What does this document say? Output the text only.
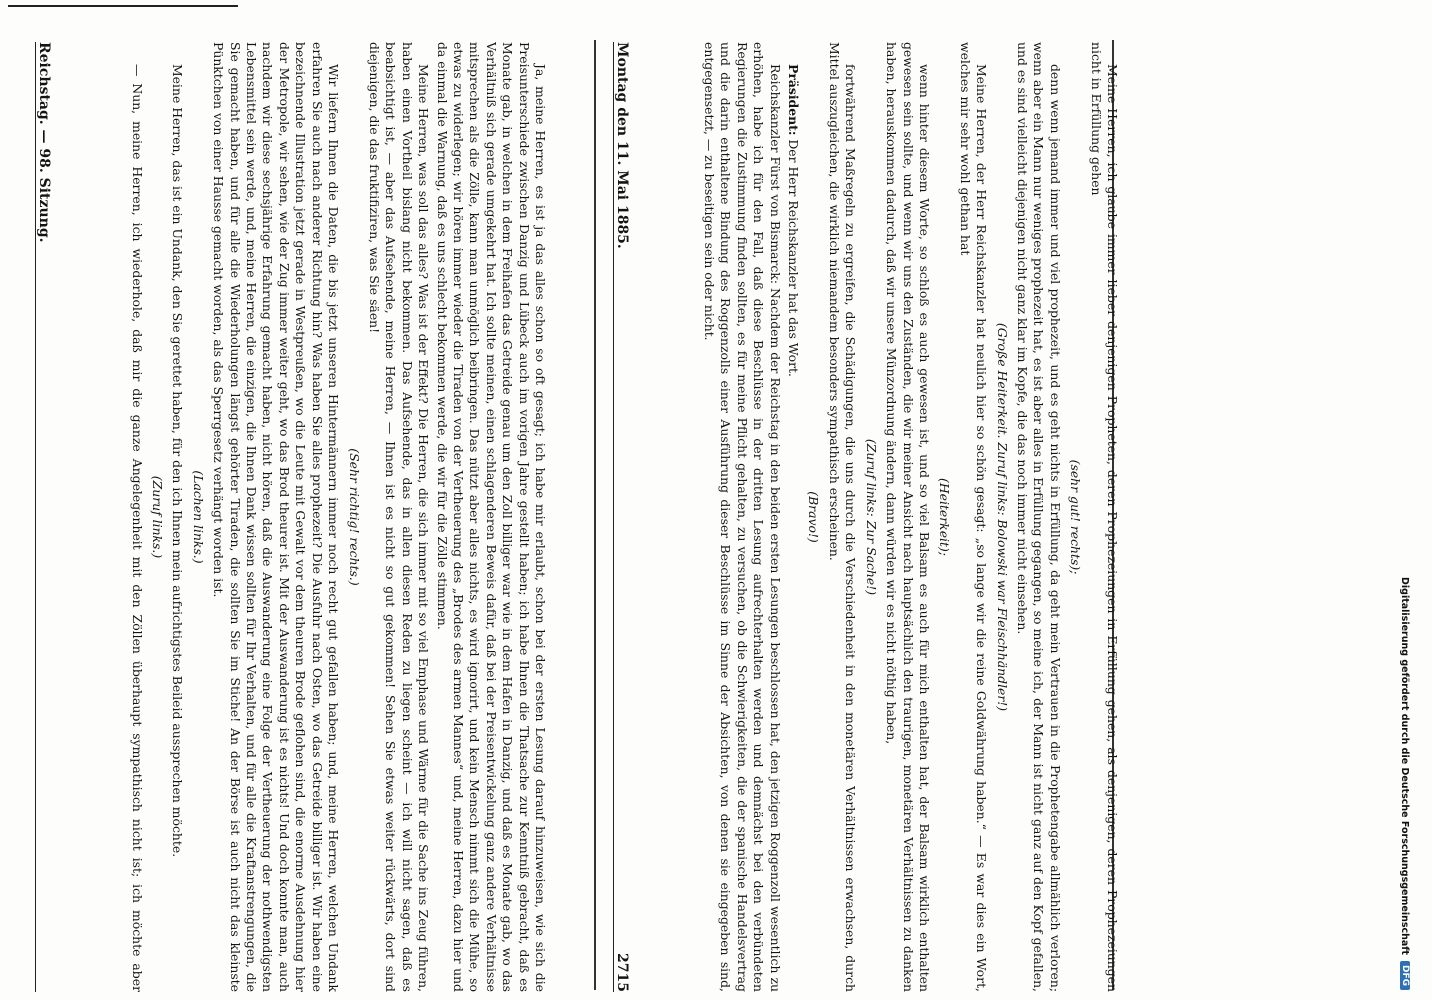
Reichstag. — 98. Sitzung.	Montag den 11. Mai 1885.
2715

Ja, meine Herren, es ist ja das alles schon so oft gesagt; ich habe mir erlaubt, schon bei der ersten Lesung darauf hinzuweisen, wie sich die Preisunterschiede zwischen Danzig und Lübeck auch im vorigen Jahre gestellt haben; ich habe Ihnen die Thatsache zur Kenntniß gebracht, daß es Monate gab, in welchen in dem Freihafen das Getreide genau um den Zoll billiger war wie in dem Hafen in Danzig, und daß es Monate gab, wo das Verhältniß sich gerade umgekehrt hat. Ich sollte meinen, einen schlagenderen Beweis dafür, daß bei der Preisentwickelung ganz andere Verhältnisse mitsprechen als die Zölle, kann man unmöglich beibringen. Das nützt aber alles nichts, es wird ignorirt, und kein Mensch nimmt sich die Mühe, so etwas zu widerlegen; wir hören immer wieder die Tiraden von der Vertheuerung des „Brodes des armen Mannes“ und, meine Herren, dazu hier und da einmal die Warnung, daß es uns schlecht bekommen werde, die wir für die Zölle stimmen.

Meine Herren, was soll das alles? Was ist der Effekt? Die Herren, die sich immer mit so viel Emphase und Wärme für die Sache ins Zeug führen, haben einen Vortheil bislang nicht bekommen. Das Aufsehende, das in allen diesen Reden zu liegen scheint — ich will nicht sagen, daß es beabsichtigt ist, — aber das Aufsehende, meine Herren, — Ihnen ist es nicht so gut gekommen! Sehen Sie etwas weiter rückwärts, dort sind diejenigen, die das fruktifiziren, was Sie säen!

(Sehr richtig! rechts.)

Wir liefern Ihnen die Daten, die bis jetzt unseren Hintermännern immer noch recht gut gefallen haben; und, meine Herren, welchen Undank erfahren Sie auch nach anderer Richtung hin? Was haben Sie alles prophezeit? Die Ausfuhr nach Osten, wo das Getreide billiger ist. Wir haben eine bezeichnende Illustration jetzt gerade in Westpreußen, wo die Leute mit Gewalt vor dem theuren Brode geflohen sind, die enorme Ausdehnung hier der Metropole, wir sehen, wie der Zug immer weiter geht, wo das Brod theurer ist. Mit der Auswanderung ist es nichts! Und doch konnte man, auch nachdem wir diese sechsjährige Erfahrung gemacht haben, nicht hören, daß die Auswanderung eine Folge der Vertheuerung der nothwendigsten Lebensmittel sein werde, und, meine Herren, die einzigen, die Ihnen Dank wissen sollten für Ihr Verhalten, und für alle die Kraftanstrengungen, die Sie gemacht haben, und für alle die Wiederholungen längst gehörter Tiraden, die sollten Sie im Stiche! An der Börse ist auch nicht das kleinste Pünktchen von einer Hausse gemacht worden, als das Sperrgesetz verhängt worden ist.

(Lachen links.)

Meine Herren, das ist ein Undank, den Sie gerettet haben, für den ich Ihnen mein aufrichtigstes Beileid aussprechen möchte.

(Zuruf links.)

— Nun, meine Herren, ich wiederhole, daß mir die ganze Angelegenheit mit den Zöllen überhaupt sympathisch nicht ist; ich möchte aber	Meine Herren, ich glaube immer lieber denjenigen Propheten, deren Prophezeiungen in Erfüllung gehen, als denjenigen, deren Prophezeiungen nicht in Erfüllung gehen

(sehr gut! rechts);

denn wenn jemand immer und viel prophezeit, und es geht nichts in Erfüllung, da geht mein Vertrauen in die Prophetengabe allmählich verloren; wenn aber ein Mann nur weniges prophezeit hat, es ist aber alles in Erfüllung gegangen, so meine ich, der Mann ist nicht ganz auf den Kopf gefallen, und es sind vielleicht diejenigen nicht ganz klar im Kopfe, die das noch immer nicht einsehen.

(Große Heiterkeit. Zuruf links: Bolowski war Fleischhändler!)

Meine Herren, der Herr Reichskanzler hat neulich hier so schön gesagt: „so lange wir die reine Goldwährung haben.“ — Es war dies ein Wort, welches mir sehr wohl gethan hat

(Heiterkeit);

wenn hinter diesem Worte, so schloß es auch gewesen ist, und so viel Balsam es auch für mich enthalten hat, der Balsam wirklich enthalten gewesen sein sollte, und wenn wir uns den Zuständen, die wir meiner Ansicht nach hauptsächlich den traurigen, monetären Verhältnissen zu danken haben, herauskommen dadurch, daß wir unsere Münzordnung ändern, dann würden wir es nicht nöthig haben,

(Zuruf links: Zur Sache!)

fortwährend Maßregeln zu ergreifen, die Schädigungen, die uns durch die Verschiedenheit in den monetären Verhältnissen erwachsen, durch Mittel auszugleichen, die wirklich niemandem besonders sympathisch erscheinen.

(Bravo!)

Präsident: Der Herr Reichskanzler hat das Wort.

Reichskanzler Fürst von Bismarck: Nachdem der Reichstag in den beiden ersten Lesungen beschlossen hat, den jetzigen Roggenzoll wesentlich zu erhöhen, habe ich für den Fall, daß diese Beschlüsse in der dritten Lesung aufrechterhalten werden und demnächst bei den verbündeten Regierungen die Zustimmung finden sollten, es für meine Pflicht gehalten, zu versuchen, ob die Schwierigkeiten, die der spanische Handelsvertrag und die darin enthaltene Bindung des Roggenzolls einer Ausführung dieser Beschlüsse im Sinne der Absichten, von denen sie eingegeben sind, entgegensetzt, — zu beseitigen sein oder nicht.

DFG
Digitalisierung gefördert durch die Deutsche Forschungsgemeinschaft
